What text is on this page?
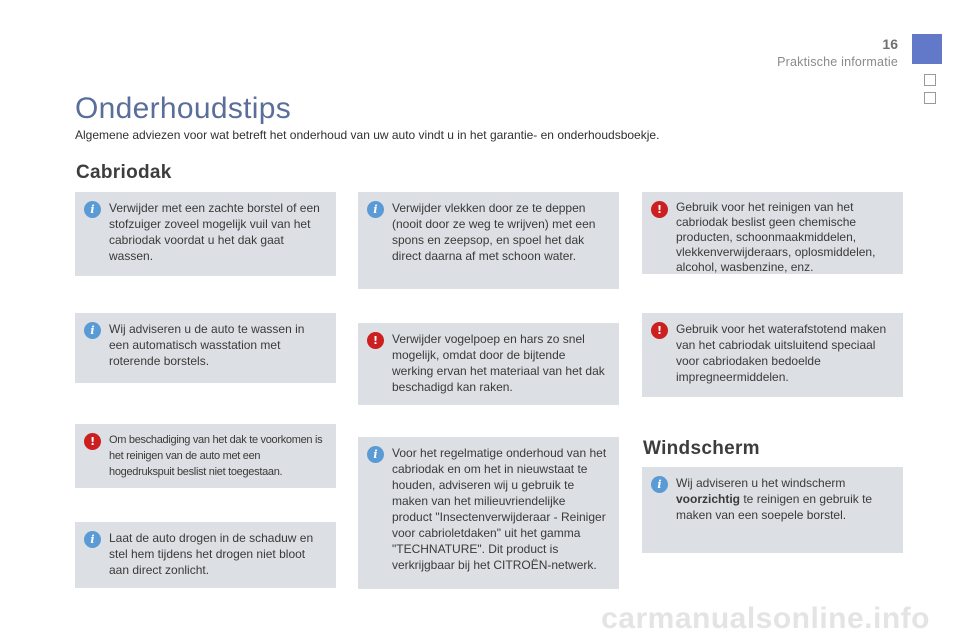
16
Praktische informatie
Onderhoudstips
Algemene adviezen voor wat betreft het onderhoud van uw auto vindt u in het garantie- en onderhoudsboekje.
Cabriodak
i	Verwijder met een zachte borstel of een stofzuiger zoveel mogelijk vuil van het cabriodak voordat u het dak gaat wassen.
i	Wij adviseren u de auto te wassen in een automatisch wasstation met roterende borstels.
!	Om beschadiging van het dak te voorkomen is het reinigen van de auto met een hogedrukspuit beslist niet toegestaan.
i	Laat de auto drogen in de schaduw en stel hem tijdens het drogen niet bloot aan direct zonlicht.
i	Verwijder vlekken door ze te deppen (nooit door ze weg te wrijven) met een spons en zeepsop, en spoel het dak direct daarna af met schoon water.
!	Verwijder vogelpoep en hars zo snel mogelijk, omdat door de bijtende werking ervan het materiaal van het dak beschadigd kan raken.
i	Voor het regelmatige onderhoud van het cabriodak en om het in nieuwstaat te houden, adviseren wij u gebruik te maken van het milieuvriendelijke product "Insectenverwijderaar - Reiniger voor cabrioletdaken" uit het gamma "TECHNATURE". Dit product is verkrijgbaar bij het CITROËN-netwerk.
!	Gebruik voor het reinigen van het cabriodak beslist geen chemische producten, schoonmaakmiddelen, vlekkenverwijderaars, oplosmiddelen, alcohol, wasbenzine, enz.
!	Gebruik voor het waterafstotend maken van het cabriodak uitsluitend speciaal voor cabriodaken bedoelde impregneermiddelen.
Windscherm
i	Wij adviseren u het windscherm voorzichtig te reinigen en gebruik te maken van een soepele borstel.
carmanualsonline.info
